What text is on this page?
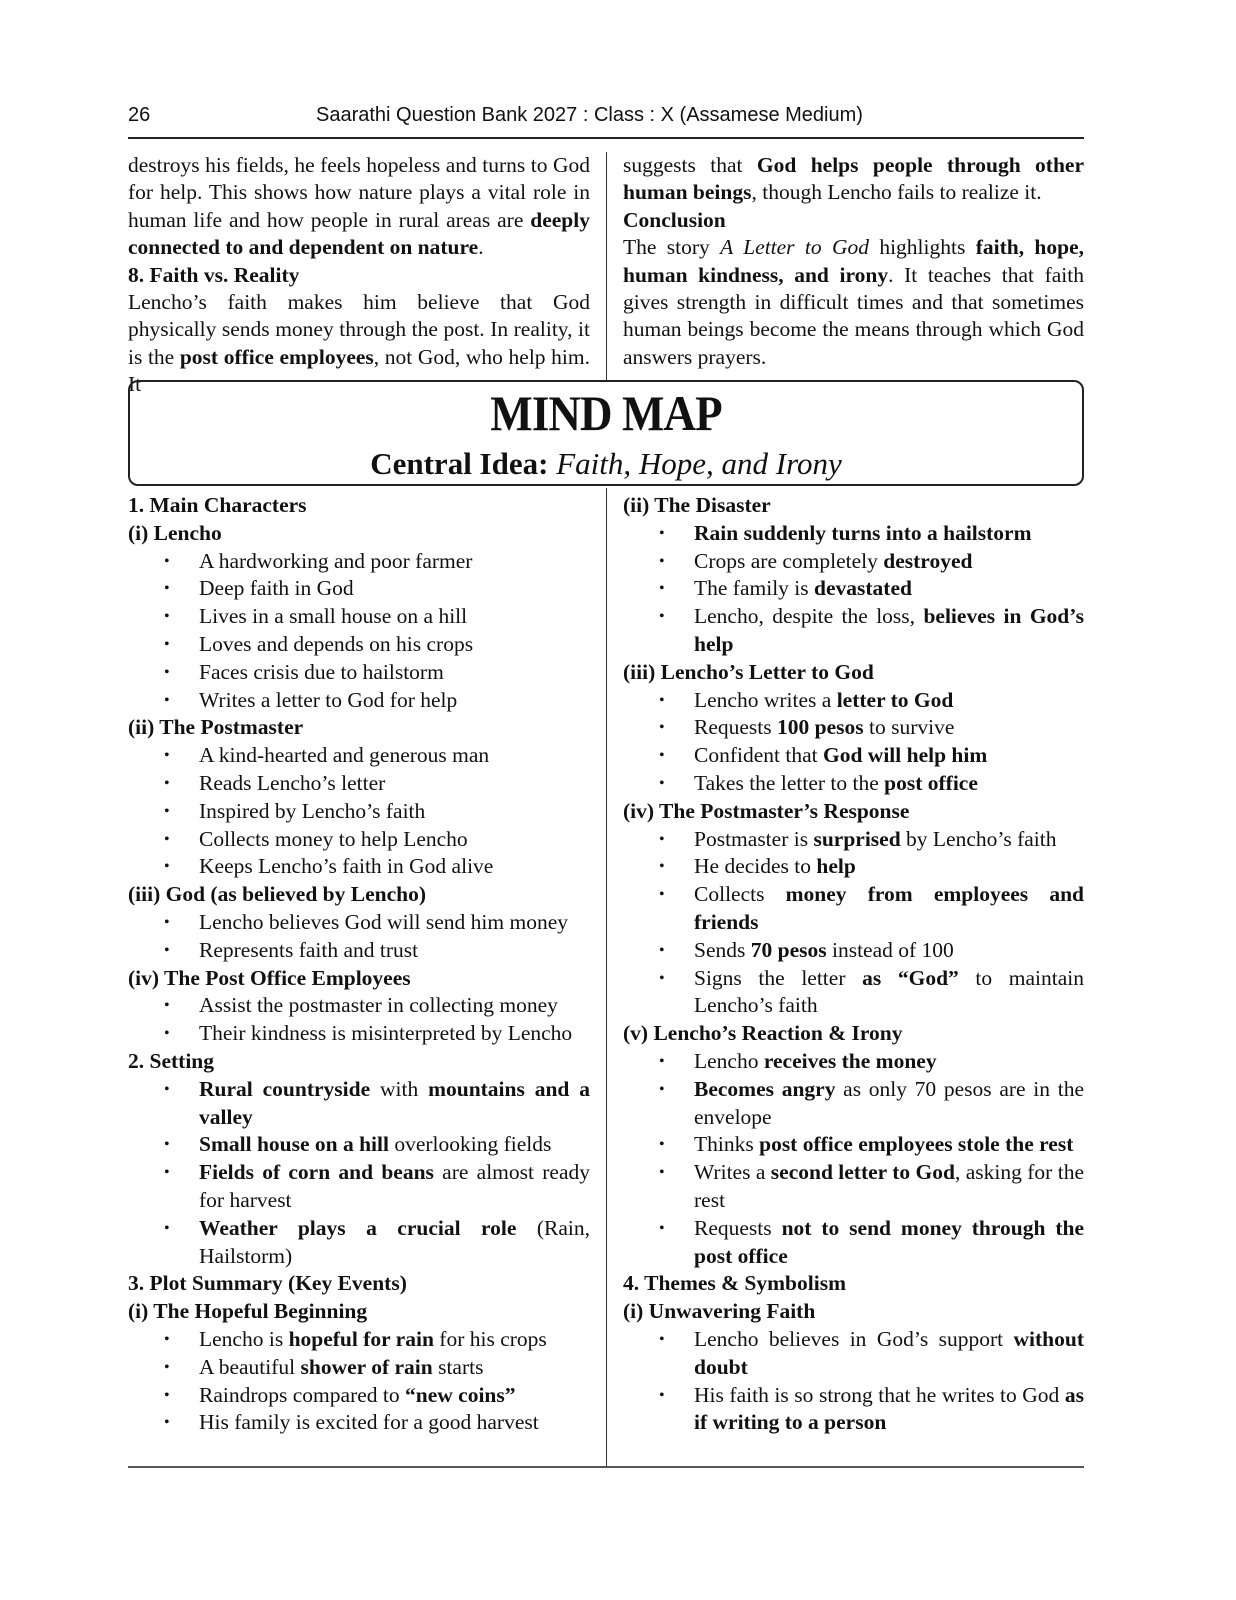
26	Saarathi Question Bank 2027 : Class : X (Assamese Medium)

destroys his fields, he feels hopeless and turns to God for help. This shows how nature plays a vital role in human life and how people in rural areas are deeply connected to and dependent on nature.

8. Faith vs. Reality

Lencho’s faith makes him believe that God physically sends money through the post. In reality, it is the post office employees, not God, who help him. It

suggests that God helps people through other human beings, though Lencho fails to realize it.

Conclusion

The story A Letter to God highlights faith, hope, human kindness, and irony. It teaches that faith gives strength in difficult times and that sometimes human beings become the means through which God answers prayers.

MIND MAP
Central Idea: Faith, Hope, and Irony
1. Main Characters
(i) Lencho
• A hardworking and poor farmer
• Deep faith in God
• Lives in a small house on a hill
• Loves and depends on his crops
• Faces crisis due to hailstorm
• Writes a letter to God for help
(ii) The Postmaster
• A kind-hearted and generous man
• Reads Lencho’s letter
• Inspired by Lencho’s faith
• Collects money to help Lencho
• Keeps Lencho’s faith in God alive
(iii) God (as believed by Lencho)
• Lencho believes God will send him money
• Represents faith and trust
(iv) The Post Office Employees
• Assist the postmaster in collecting money
• Their kindness is misinterpreted by Lencho
2. Setting
• Rural countryside with mountains and a valley
• Small house on a hill overlooking fields
• Fields of corn and beans are almost ready for harvest
• Weather plays a crucial role (Rain, Hailstorm)
3. Plot Summary (Key Events)
(i) The Hopeful Beginning
• Lencho is hopeful for rain for his crops
• A beautiful shower of rain starts
• Raindrops compared to “new coins”
• His family is excited for a good harvest
(ii) The Disaster
• Rain suddenly turns into a hailstorm
• Crops are completely destroyed
• The family is devastated
• Lencho, despite the loss, believes in God’s help
(iii) Lencho’s Letter to God
• Lencho writes a letter to God
• Requests 100 pesos to survive
• Confident that God will help him
• Takes the letter to the post office
(iv) The Postmaster’s Response
• Postmaster is surprised by Lencho’s faith
• He decides to help
• Collects money from employees and friends
• Sends 70 pesos instead of 100
• Signs the letter as “God” to maintain Lencho’s faith
(v) Lencho’s Reaction & Irony
• Lencho receives the money
• Becomes angry as only 70 pesos are in the envelope
• Thinks post office employees stole the rest
• Writes a second letter to God, asking for the rest
• Requests not to send money through the post office
4. Themes & Symbolism
(i) Unwavering Faith
• Lencho believes in God’s support without doubt
• His faith is so strong that he writes to God as if writing to a person
